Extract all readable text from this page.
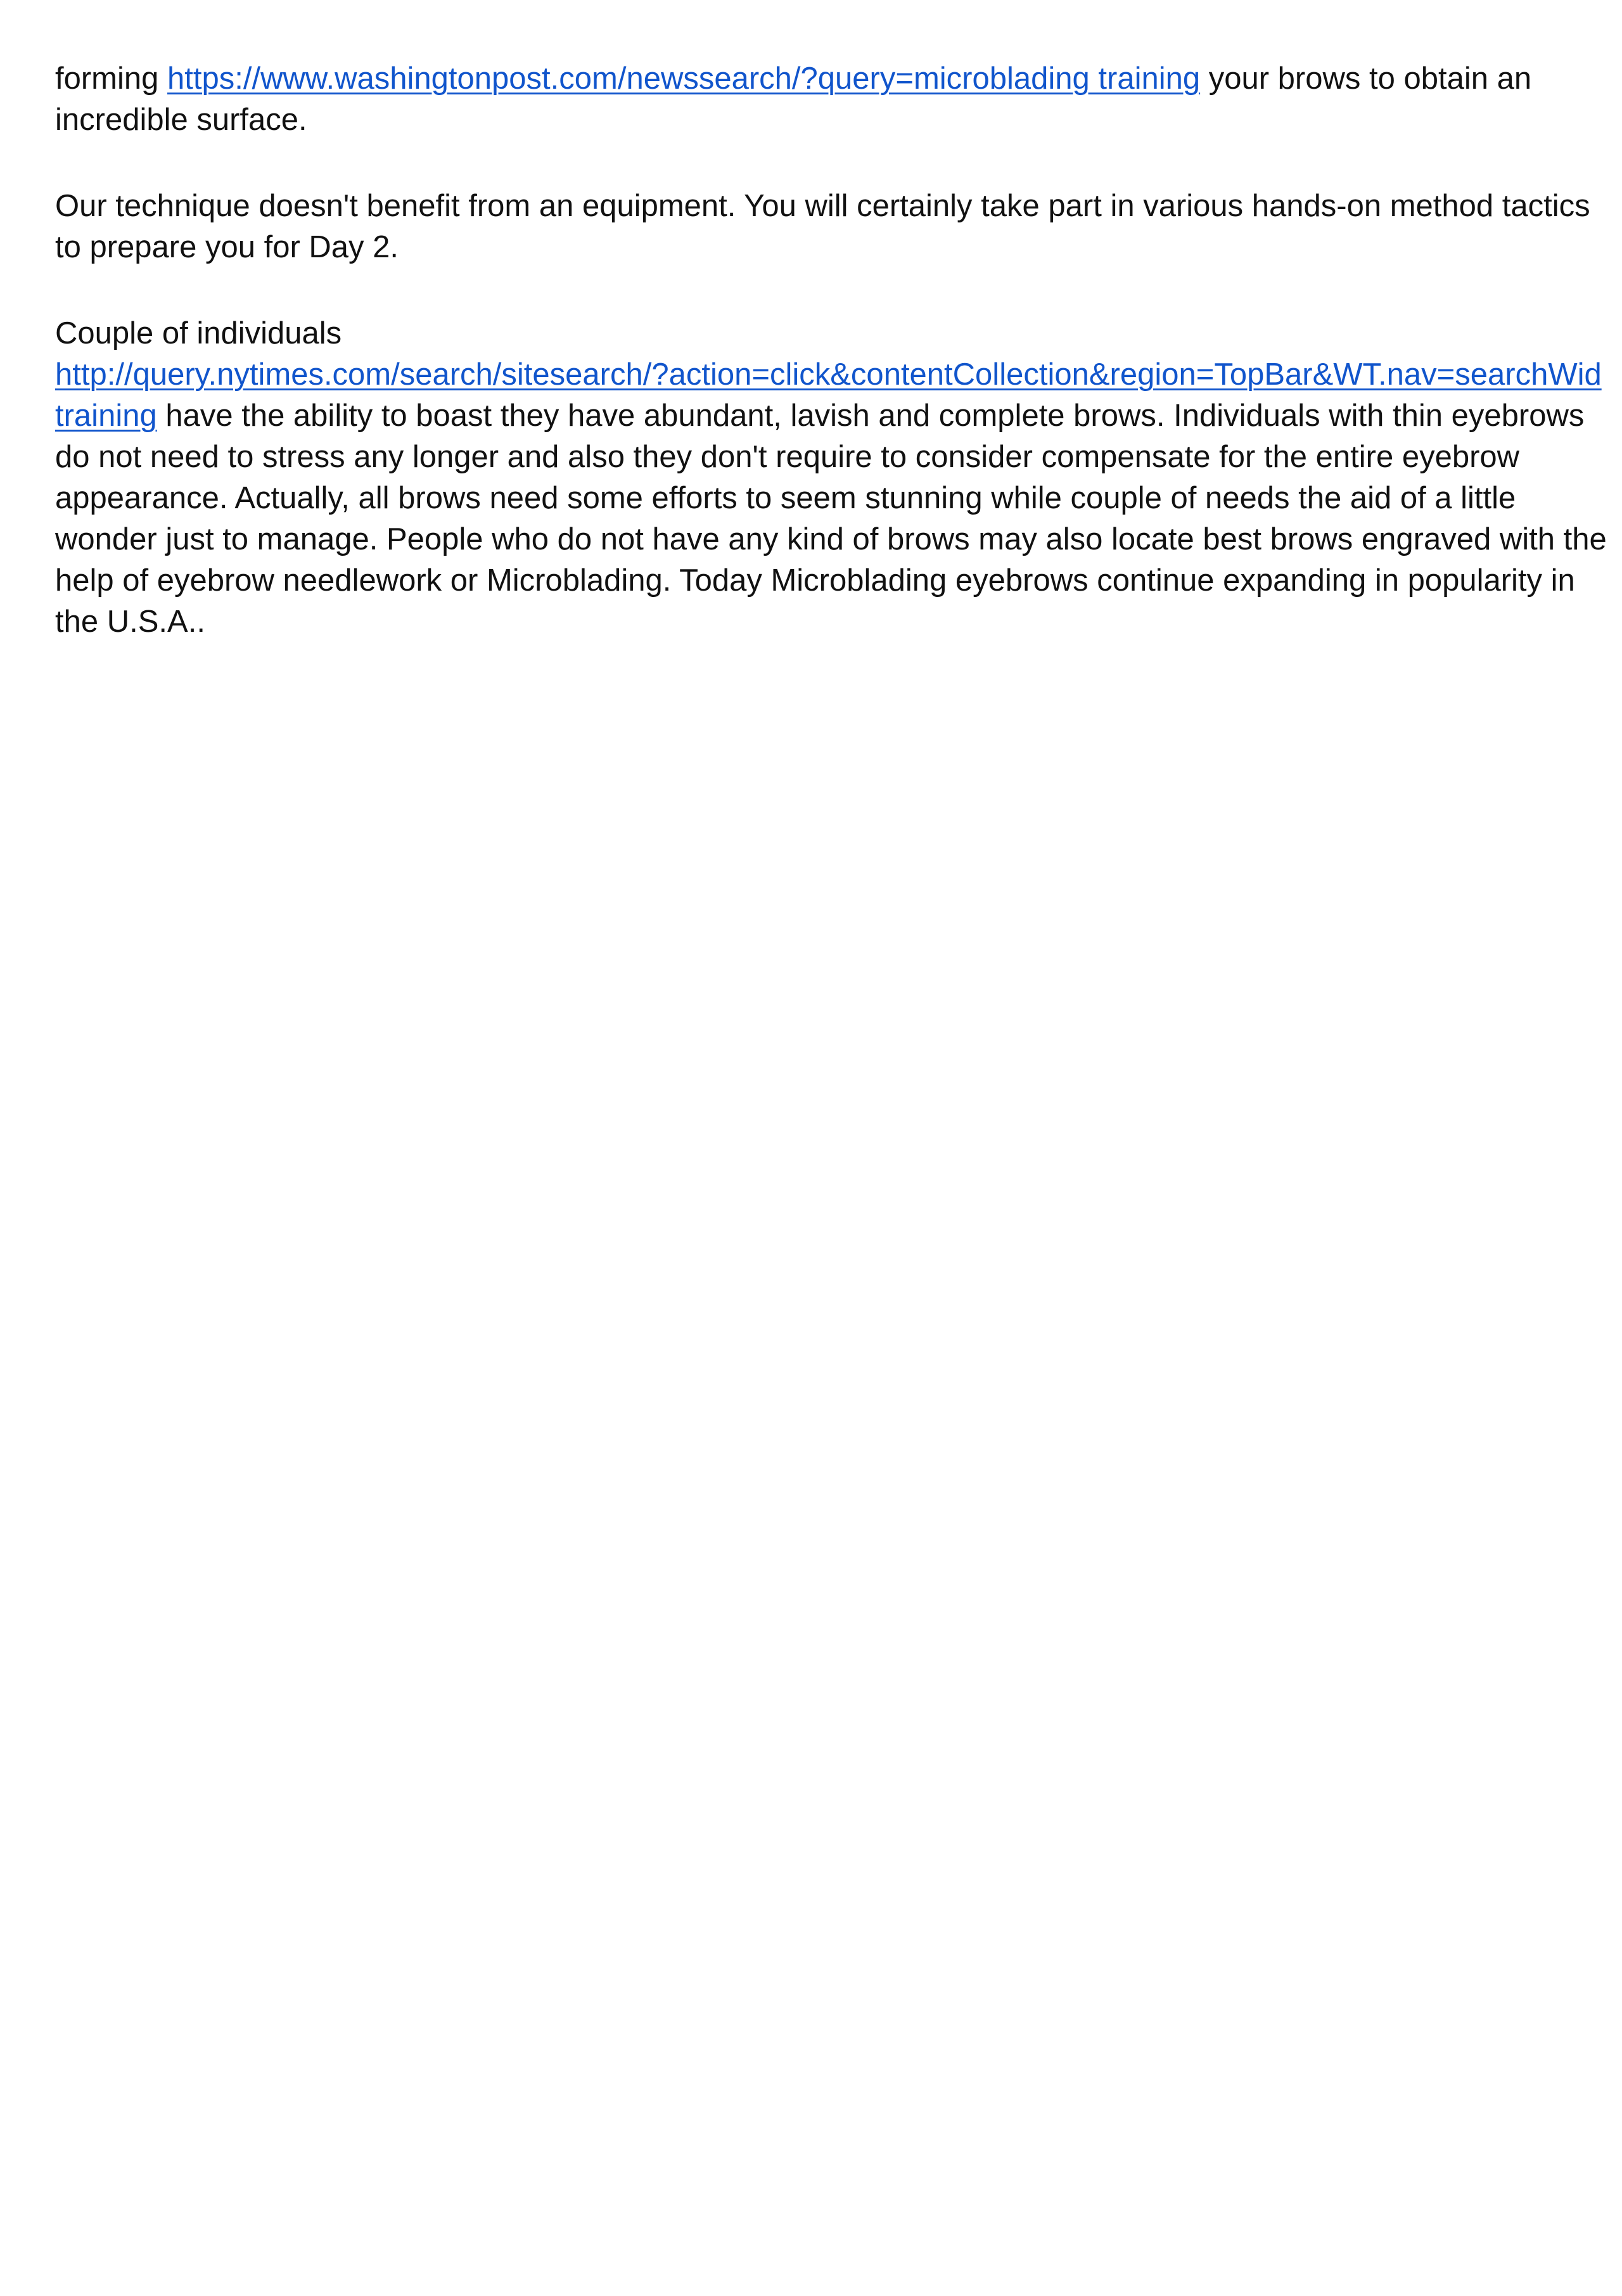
forming https://www.washingtonpost.com/newssearch/?query=microblading training your brows to obtain an
incredible surface.

Our technique doesn't benefit from an equipment. You will certainly take part in various hands-on method tactics
to prepare you for Day 2.

Couple of individuals
http://query.nytimes.com/search/sitesearch/?action=click&contentCollection&region=TopBar&WT.nav=searchWid
training have the ability to boast they have abundant, lavish and complete brows. Individuals with thin eyebrows
do not need to stress any longer and also they don't require to consider compensate for the entire eyebrow
appearance. Actually, all brows need some efforts to seem stunning while couple of needs the aid of a little
wonder just to manage. People who do not have any kind of brows may also locate best brows engraved with the
help of eyebrow needlework or Microblading. Today Microblading eyebrows continue expanding in popularity in
the U.S.A..
